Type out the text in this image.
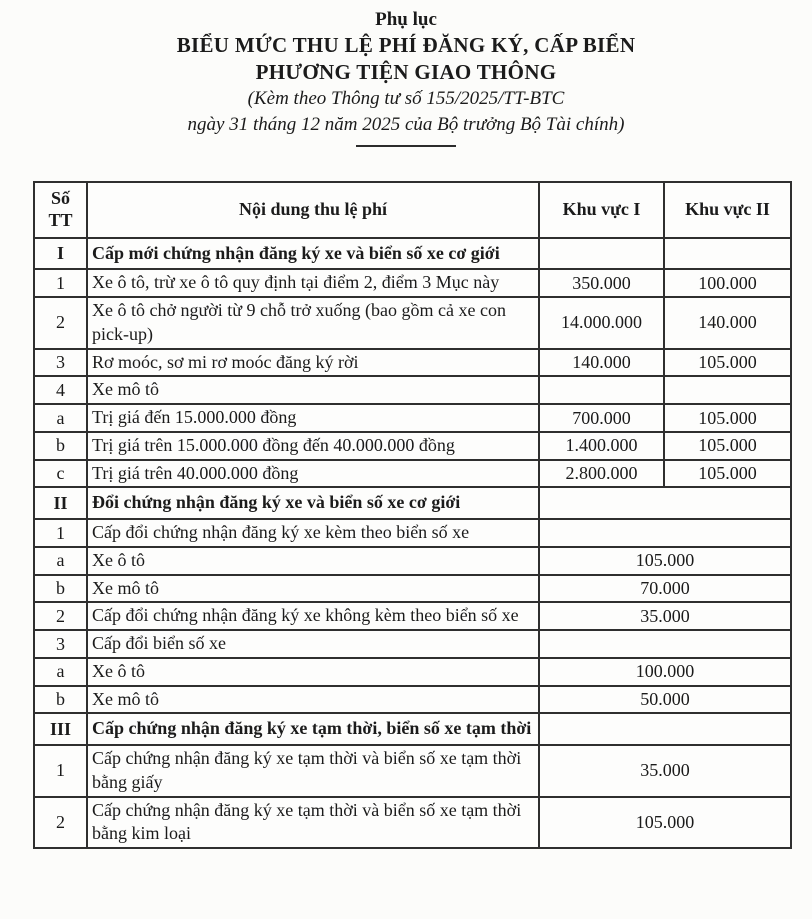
Phụ lục
BIỂU MỨC THU LỆ PHÍ ĐĂNG KÝ, CẤP BIỂN
PHƯƠNG TIỆN GIAO THÔNG
(Kèm theo Thông tư số 155/2025/TT-BTC
ngày 31 tháng 12 năm 2025 của Bộ trưởng Bộ Tài chính)
Số TT	Nội dung thu lệ phí	Khu vực I	Khu vực II
I	Cấp mới chứng nhận đăng ký xe và biển số xe cơ giới		
1	Xe ô tô, trừ xe ô tô quy định tại điểm 2, điểm 3 Mục này	350.000	100.000
2	Xe ô tô chở người từ 9 chỗ trở xuống (bao gồm cả xe con pick-up)	14.000.000	140.000
3	Rơ moóc, sơ mi rơ moóc đăng ký rời	140.000	105.000
4	Xe mô tô		
a	Trị giá đến 15.000.000 đồng	700.000	105.000
b	Trị giá trên 15.000.000 đồng đến 40.000.000 đồng	1.400.000	105.000
c	Trị giá trên 40.000.000 đồng	2.800.000	105.000
II	Đổi chứng nhận đăng ký xe và biển số xe cơ giới		
1	Cấp đổi chứng nhận đăng ký xe kèm theo biển số xe		
a	Xe ô tô	105.000	
b	Xe mô tô	70.000	
2	Cấp đổi chứng nhận đăng ký xe không kèm theo biển số xe	35.000	
3	Cấp đổi biển số xe		
a	Xe ô tô	100.000	
b	Xe mô tô	50.000	
III	Cấp chứng nhận đăng ký xe tạm thời, biển số xe tạm thời		
1	Cấp chứng nhận đăng ký xe tạm thời và biển số xe tạm thời bằng giấy	35.000	
2	Cấp chứng nhận đăng ký xe tạm thời và biển số xe tạm thời bằng kim loại	105.000	
